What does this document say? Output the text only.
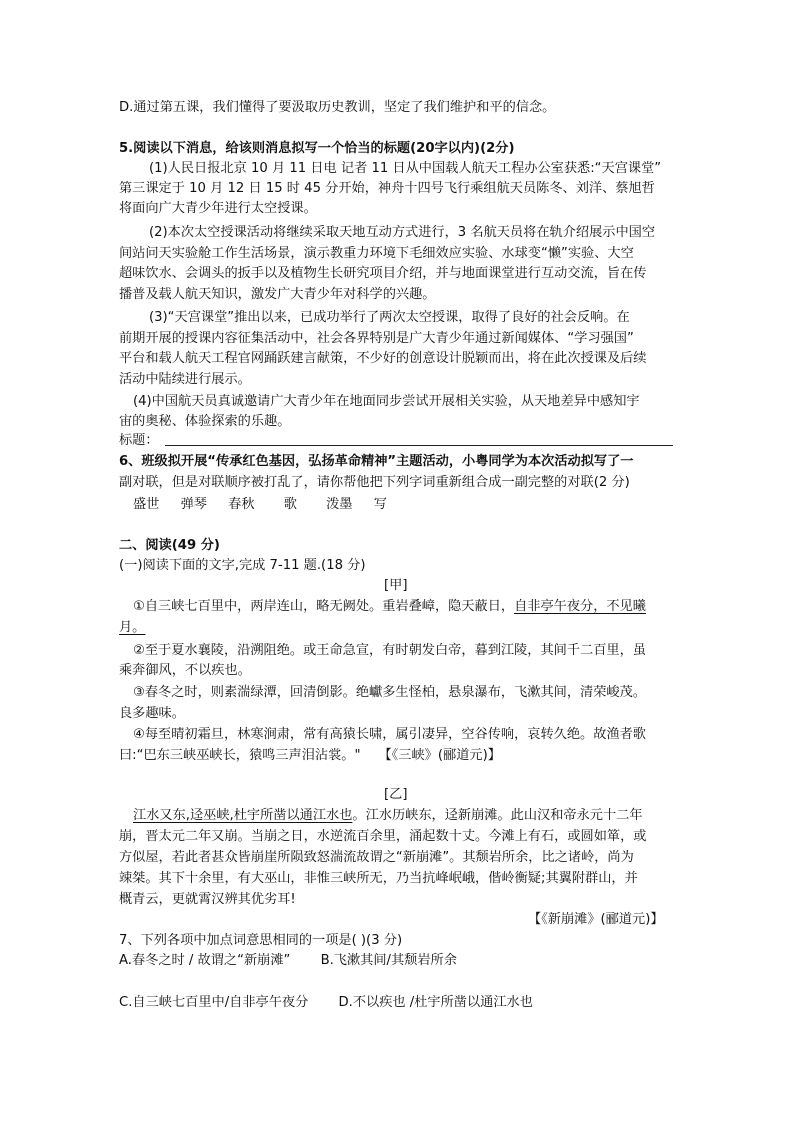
D.通过第五课，我们懂得了要汲取历史教训，坚定了我们维护和平的信念。
5.阅读以下消息，给该则消息拟写一个恰当的标题(20字以内)(2分)
(1)人民日报北京 10 月 11 日电 记者 11 日从中国载人航天工程办公室获悉:“天宫课堂”
第三课定于 10 月 12 日 15 时 45 分开始，神舟十四号飞行乘组航天员陈冬、刘洋、蔡旭哲
将面向广大青少年进行太空授课。
(2)本次太空授课活动将继续采取天地互动方式进行，3 名航天员将在轨介绍展示中国空
间站问天实验舱工作生活场景，演示教重力环境下毛细效应实验、水球变“懒”实验、大空
超味饮水、会调头的扳手以及植物生长研究项目介绍，并与地面课堂进行互动交流，旨在传
播普及载人航天知识，激发广大青少年对科学的兴趣。
(3)“天宫课堂”推出以来，已成功举行了两次太空授课，取得了良好的社会反响。在
前期开展的授课内容征集活动中，社会各界特别是广大青少年通过新闻媒体、“学习强国”
平台和载人航天工程官网踊跃建言献策，不少好的创意设计脱颖而出，将在此次授课及后续
活动中陆续进行展示。
(4)中国航天员真诚邀请广大青少年在地面同步尝试开展相关实验，从天地差异中感知宇
宙的奥秘、体验探索的乐趣。
标题：
6、班级拟开展“传承红色基因，弘扬革命精神”主题活动，小粤同学为本次活动拟写了一
副对联，但是对联顺序被打乱了，请你帮他把下列字词重新组合成一副完整的对联(2 分)
盛世 弹琴 春秋 歌 泼墨 写
二、阅读(49 分)
(一)阅读下面的文字,完成 7-11 题.(18 分)
[甲]
①自三峡七百里中，两岸连山，略无阙处。重岩叠嶂，隐天蔽日，自非亭午夜分，不见曦
月。
②至于夏水襄陵，沿溯阻绝。或王命急宣，有时朝发白帝，暮到江陵，其间千二百里，虽
乘奔御风，不以疾也。
③春冬之时，则素湍绿潭，回清倒影。绝巘多生怪柏，悬泉瀑布，飞漱其间，清荣峻茂。
良多趣味。
④每至晴初霜旦，林寒涧肃，常有高猿长啸，属引凄异，空谷传响，哀转久绝。故渔者歌
曰:“巴东三峡巫峡长，猿鸣三声泪沾裳。" 【《三峡》(郦道元)】
[乙]
江水又东,迳巫峡,杜宇所凿以通江水也。江水历峡东，迳新崩滩。此山汉和帝永元十二年
崩，晋太元二年又崩。当崩之日，水逆流百余里，涌起数十丈。今滩上有石，或圆如箪，或
方似屋，若此者甚众皆崩崖所陨致怒湍流故谓之“新崩滩”。其颓岩所余，比之诸岭，尚为
竦桀。其下十余里，有大巫山，非惟三峡所无，乃当抗峰岷峨，偕岭衡疑;其翼附群山，并
概青云，更就霄汉辨其优劣耳!
【《新崩滩》(郦道元)】
7、下列各项中加点词意思相同的一项是( )(3 分)
A.春冬之时 / 故谓之“新崩滩” B.飞漱其间/其颓岩所余
C.自三峡七百里中/自非亭午夜分 D.不以疾也 /杜宇所凿以通江水也
